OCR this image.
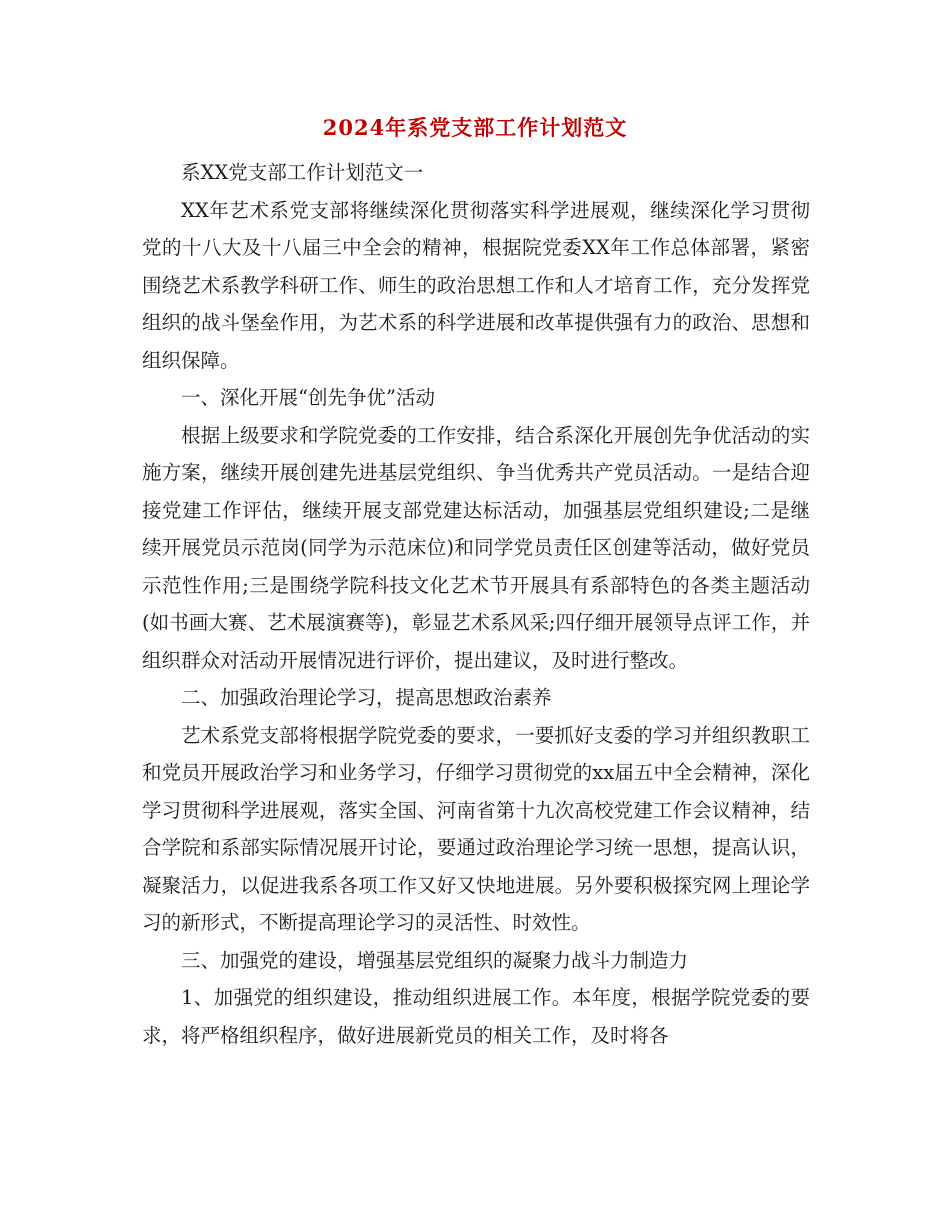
2024年系党支部工作计划范文

系XX党支部工作计划范文一

XX年艺术系党支部将继续深化贯彻落实科学进展观，继续深化学习贯彻党的十八大及十八届三中全会的精神，根据院党委XX年工作总体部署，紧密围绕艺术系教学科研工作、师生的政治思想工作和人才培育工作，充分发挥党组织的战斗堡垒作用，为艺术系的科学进展和改革提供强有力的政治、思想和组织保障。

一、深化开展“创先争优”活动

根据上级要求和学院党委的工作安排，结合系深化开展创先争优活动的实施方案，继续开展创建先进基层党组织、争当优秀共产党员活动。一是结合迎接党建工作评估，继续开展支部党建达标活动，加强基层党组织建设;二是继续开展党员示范岗(同学为示范床位)和同学党员责任区创建等活动，做好党员示范性作用;三是围绕学院科技文化艺术节开展具有系部特色的各类主题活动(如书画大赛、艺术展演赛等)，彰显艺术系风采;四仔细开展领导点评工作，并组织群众对活动开展情况进行评价，提出建议，及时进行整改。

二、加强政治理论学习，提高思想政治素养

艺术系党支部将根据学院党委的要求，一要抓好支委的学习并组织教职工和党员开展政治学习和业务学习，仔细学习贯彻党的xx届五中全会精神，深化学习贯彻科学进展观，落实全国、河南省第十九次高校党建工作会议精神，结合学院和系部实际情况展开讨论，要通过政治理论学习统一思想，提高认识，凝聚活力，以促进我系各项工作又好又快地进展。另外要积极探究网上理论学习的新形式，不断提高理论学习的灵活性、时效性。

三、加强党的建设，增强基层党组织的凝聚力战斗力制造力

1、加强党的组织建设，推动组织进展工作。本年度，根据学院党委的要求，将严格组织程序，做好进展新党员的相关工作，及时将各
